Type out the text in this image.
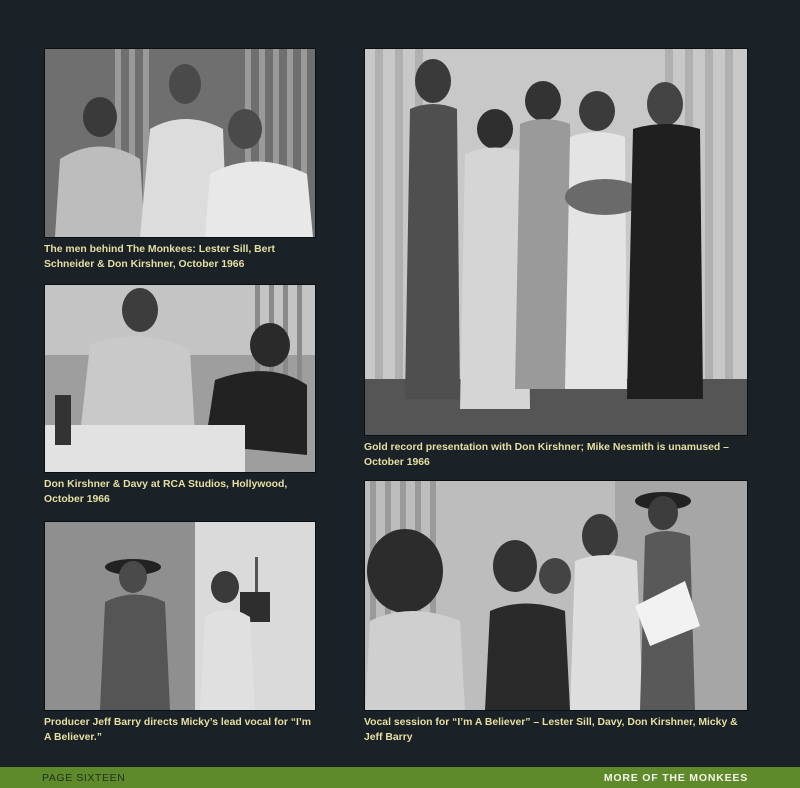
The men behind The Monkees: Lester Sill, Bert Schneider & Don Kirshner, October 1966

Don Kirshner & Davy at RCA Studios, Hollywood, October 1966

Producer Jeff Barry directs Micky’s lead vocal for “I’m A Believer.”

Gold record presentation with Don Kirshner; Mike Nesmith is unamused – October 1966

Vocal session for “I’m A Believer” – Lester Sill, Davy, Don Kirshner, Micky & Jeff Barry

PAGE SIXTEEN	MORE OF THE MONKEES
